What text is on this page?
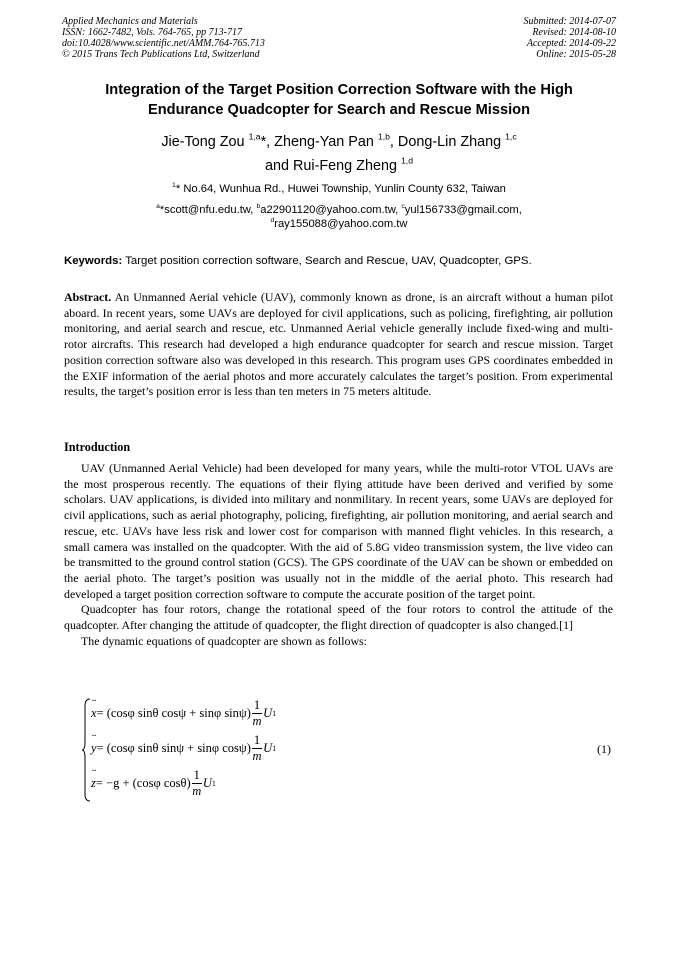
Applied Mechanics and Materials
ISSN: 1662-7482, Vols. 764-765, pp 713-717
doi:10.4028/www.scientific.net/AMM.764-765.713
© 2015 Trans Tech Publications Ltd, Switzerland
Submitted: 2014-07-07
Revised: 2014-08-10
Accepted: 2014-09-22
Online: 2015-05-28
Integration of the Target Position Correction Software with the High
Endurance Quadcopter for Search and Rescue Mission
Jie-Tong Zou $^{1,a}$*, Zheng-Yan Pan $^{1,b}$, Dong-Lin Zhang $^{1,c}$
and Rui-Feng Zheng $^{1,d}$
$^1$* No.64, Wunhua Rd., Huwei Township, Yunlin County 632, Taiwan
$^a$*scott@nfu.edu.tw, $^b$a22901120@yahoo.com.tw, $^c$yul156733@gmail.com,
$^d$ray155088@yahoo.com.tw
Keywords: Target position correction software, Search and Rescue, UAV, Quadcopter, GPS.
Abstract. An Unmanned Aerial vehicle (UAV), commonly known as drone, is an aircraft without a human pilot aboard. In recent years, some UAVs are deployed for civil applications, such as policing, firefighting, air pollution monitoring, and aerial search and rescue, etc. Unmanned Aerial vehicle generally include fixed-wing and multi-rotor aircrafts. This research had developed a high endurance quadcopter for search and rescue mission. Target position correction software also was developed in this research. This program uses GPS coordinates embedded in the EXIF information of the aerial photos and more accurately calculates the target’s position. From experimental results, the target’s position error is less than ten meters in 75 meters altitude.
Introduction

UAV (Unmanned Aerial Vehicle) had been developed for many years, while the multi-rotor VTOL UAVs are the most prosperous recently. The equations of their flying attitude have been derived and verified by some scholars. UAV applications, is divided into military and nonmilitary. In recent years, some UAVs are deployed for civil applications, such as aerial photography, policing, firefighting, air pollution monitoring, and aerial search and rescue, etc. UAVs have less risk and lower cost for comparison with manned flight vehicles. In this research, a small camera was installed on the quadcopter. With the aid of 5.8G video transmission system, the live video can be transmitted to the ground control station (GCS). The GPS coordinate of the UAV can be shown or embedded on the aerial photo. The target’s position was usually not in the middle of the aerial photo. This research had developed a target position correction software to compute the accurate position of the target point.

Quadcopter has four rotors, change the rotational speed of the four rotors to control the attitude of the quadcopter. After changing the attitude of quadcopter, the flight direction of quadcopter is also changed.[1]

The dynamic equations of quadcopter are shown as follows:

¨ x = (cosφ sinθ cosψ + sinφ $\sin\psi) \frac{1}{m}$ U 1
¨ y = (cosφ sinθ sinψ + sinφ $\cos\psi) \frac{1}{m}$ U 1
¨ z = −g + (cosφ $\cos\theta) \frac{1}{m}$ U 1
(1)
